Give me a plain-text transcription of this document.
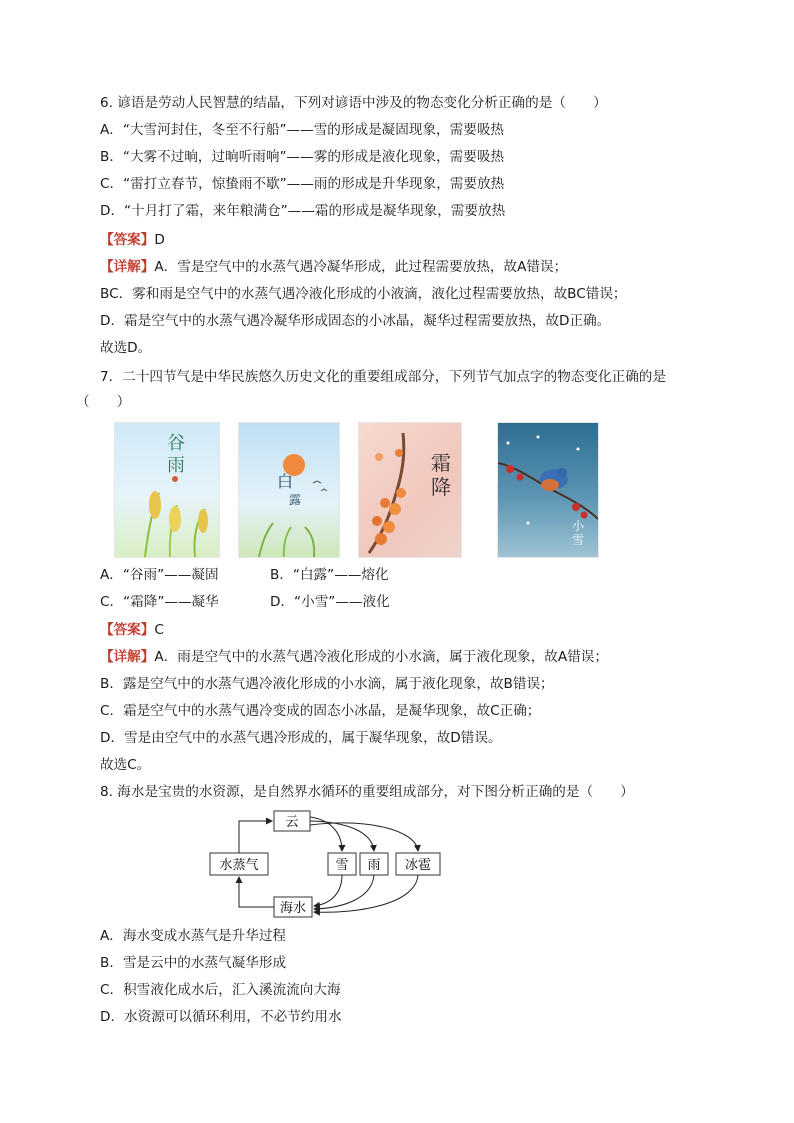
6. 谚语是劳动人民智慧的结晶，下列对谚语中涉及的物态变化分析正确的是（　　）
A．“大雪河封住，冬至不行船”——雪的形成是凝固现象，需要吸热
B．“大雾不过晌，过晌听雨响”——雾的形成是液化现象，需要吸热
C．“雷打立春节，惊蛰雨不歇”——雨的形成是升华现象，需要放热
D．“十月打了霜，来年粮满仓”——霜的形成是凝华现象，需要放热
【答案】D
【详解】A．雪是空气中的水蒸气遇冷凝华形成，此过程需要放热，故A错误；
BC．雾和雨是空气中的水蒸气遇冷液化形成的小液滴，液化过程需要放热，故BC错误；
D．霜是空气中的水蒸气遇冷凝华形成固态的小冰晶，凝华过程需要放热，故D正确。
故选D。
7．二十四节气是中华民族悠久历史文化的重要组成部分，下列节气加点字的物态变化正确的是
（　　）
谷
雨
白
露
霜
降
小
雪
A．“谷雨”——凝固	B．“白露”——熔化
C．“霜降”——凝华	D．“小雪”——液化
【答案】C
【详解】A．雨是空气中的水蒸气遇冷液化形成的小水滴，属于液化现象，故A错误；
B．露是空气中的水蒸气遇冷液化形成的小水滴，属于液化现象，故B错误；
C．霜是空气中的水蒸气遇冷变成的固态小冰晶，是凝华现象，故C正确；
D．雪是由空气中的水蒸气遇冷形成的，属于凝华现象，故D错误。
故选C。
8. 海水是宝贵的水资源，是自然界水循环的重要组成部分，对下图分析正确的是（　　）
云
水蒸气	雪 雨 冰雹
海水
A．海水变成水蒸气是升华过程
B．雪是云中的水蒸气凝华形成
C．积雪液化成水后，汇入溪流流向大海
D．水资源可以循环利用，不必节约用水
